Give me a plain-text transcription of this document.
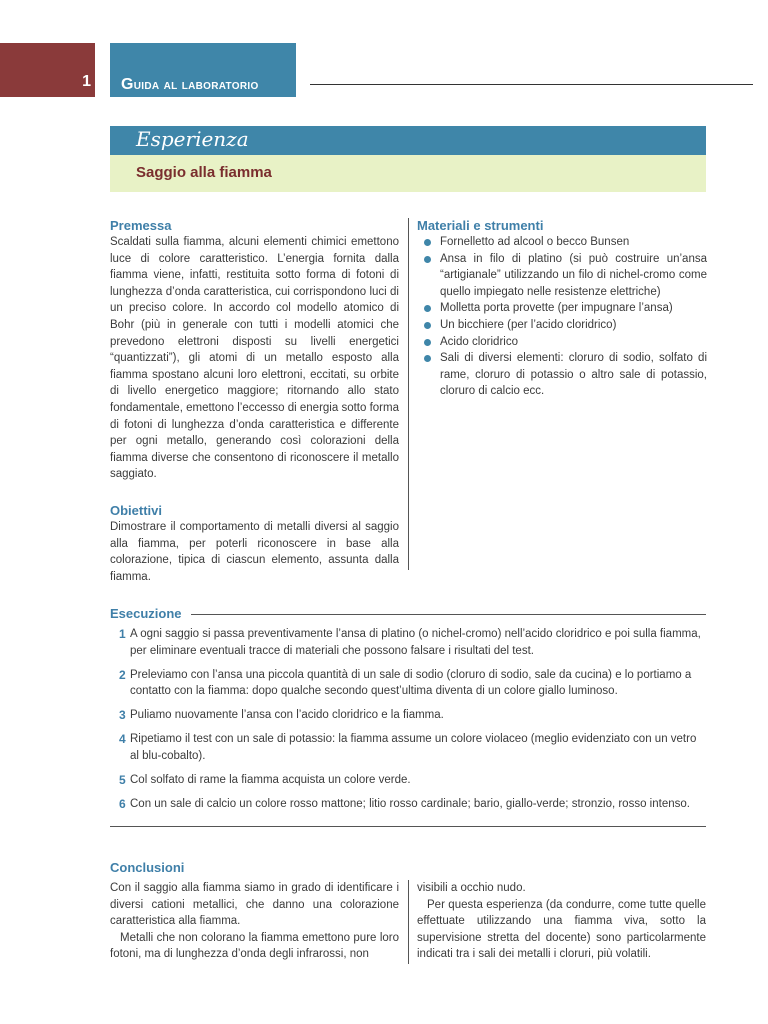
1 Guida al laboratorio
Esperienza
Saggio alla fiamma
Premessa
Scaldati sulla fiamma, alcuni elementi chimici emettono luce di colore caratteristico. L’energia fornita dalla fiamma viene, infatti, restituita sotto forma di fotoni di lunghezza d’onda caratteristica, cui corrispondono luci di un preciso colore. In accordo col modello atomico di Bohr (più in generale con tutti i modelli atomici che prevedono elettroni disposti su livelli energetici “quantizzati”), gli atomi di un metallo esposto alla fiamma spostano alcuni loro elettroni, eccitati, su orbite di livello energetico maggiore; ritornando allo stato fondamentale, emettono l’eccesso di energia sotto forma di fotoni di lunghezza d’onda caratteristica e differente per ogni metallo, generando così colorazioni della fiamma diverse che consentono di riconoscere il metallo saggiato.
Obiettivi
Dimostrare il comportamento di metalli diversi al saggio alla fiamma, per poterli riconoscere in base alla colorazione, tipica di ciascun elemento, assunta dalla fiamma.
Materiali e strumenti
Fornelletto ad alcool o becco Bunsen
Ansa in filo di platino (si può costruire un’ansa “artigianale” utilizzando un filo di nichel-cromo come quello impiegato nelle resistenze elettriche)
Molletta porta provette (per impugnare l’ansa)
Un bicchiere (per l’acido cloridrico)
Acido cloridrico
Sali di diversi elementi: cloruro di sodio, solfato di rame, cloruro di potassio o altro sale di potassio, cloruro di calcio ecc.
Esecuzione
1 A ogni saggio si passa preventivamente l’ansa di platino (o nichel-cromo) nell’acido cloridrico e poi sulla fiamma, per eliminare eventuali tracce di materiali che possono falsare i risultati del test.
2 Preleviamo con l’ansa una piccola quantità di un sale di sodio (cloruro di sodio, sale da cucina) e lo portiamo a contatto con la fiamma: dopo qualche secondo quest’ultima diventa di un colore giallo luminoso.
3 Puliamo nuovamente l’ansa con l’acido cloridrico e la fiamma.
4 Ripetiamo il test con un sale di potassio: la fiamma assume un colore violaceo (meglio evidenziato con un vetro al blu-cobalto).
5 Col solfato di rame la fiamma acquista un colore verde.
6 Con un sale di calcio un colore rosso mattone; litio rosso cardinale; bario, giallo-verde; stronzio, rosso intenso.
Conclusioni
Con il saggio alla fiamma siamo in grado di identificare i diversi cationi metallici, che danno una colorazione caratteristica alla fiamma.
Metalli che non colorano la fiamma emettono pure loro fotoni, ma di lunghezza d’onda degli infrarossi, non
visibili a occhio nudo.
Per questa esperienza (da condurre, come tutte quelle effettuate utilizzando una fiamma viva, sotto la supervisione stretta del docente) sono particolarmente indicati tra i sali dei metalli i cloruri, più volatili.
